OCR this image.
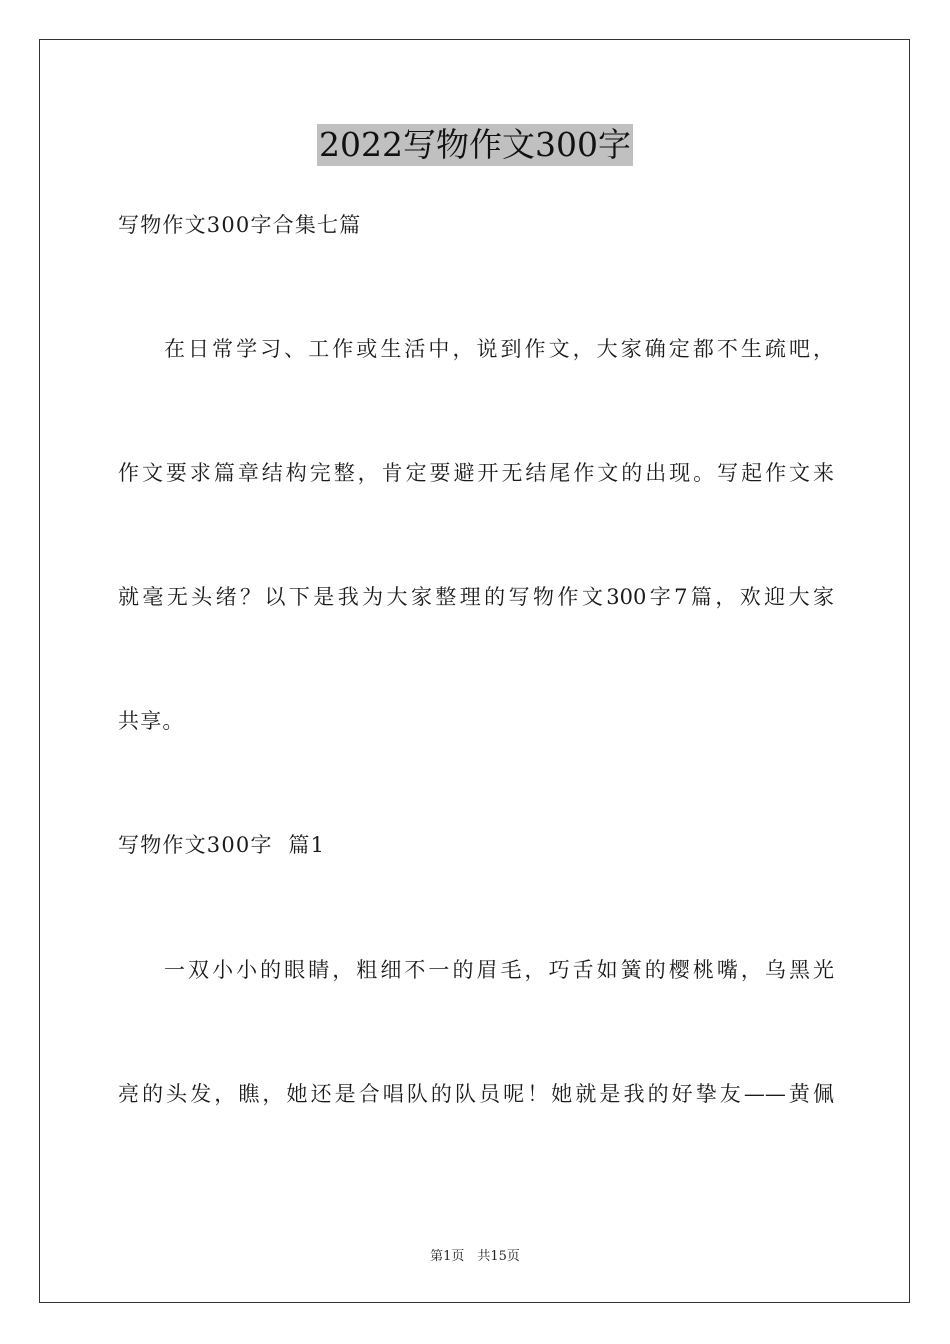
2022写物作文300字
写物作文300字合集七篇
在日常学习、工作或生活中，说到作文，大家确定都不生疏吧，
作文要求篇章结构完整，肯定要避开无结尾作文的出现。写起作文来
就毫无头绪？以下是我为大家整理的写物作文300字7篇，欢迎大家
共享。
写物作文300字  篇1
一双小小的眼睛，粗细不一的眉毛，巧舌如簧的樱桃嘴，乌黑光
亮的头发，瞧，她还是合唱队的队员呢！她就是我的好挚友——黄佩
第1页　共15页
